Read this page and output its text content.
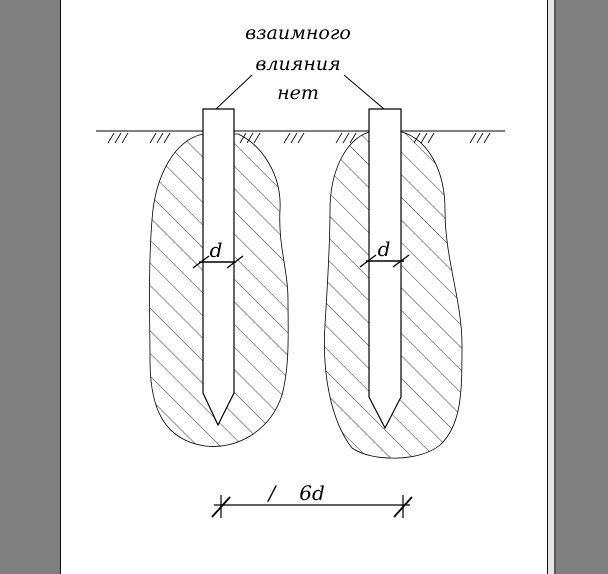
взаимного
влияния
нет
d	d
/ 6d
